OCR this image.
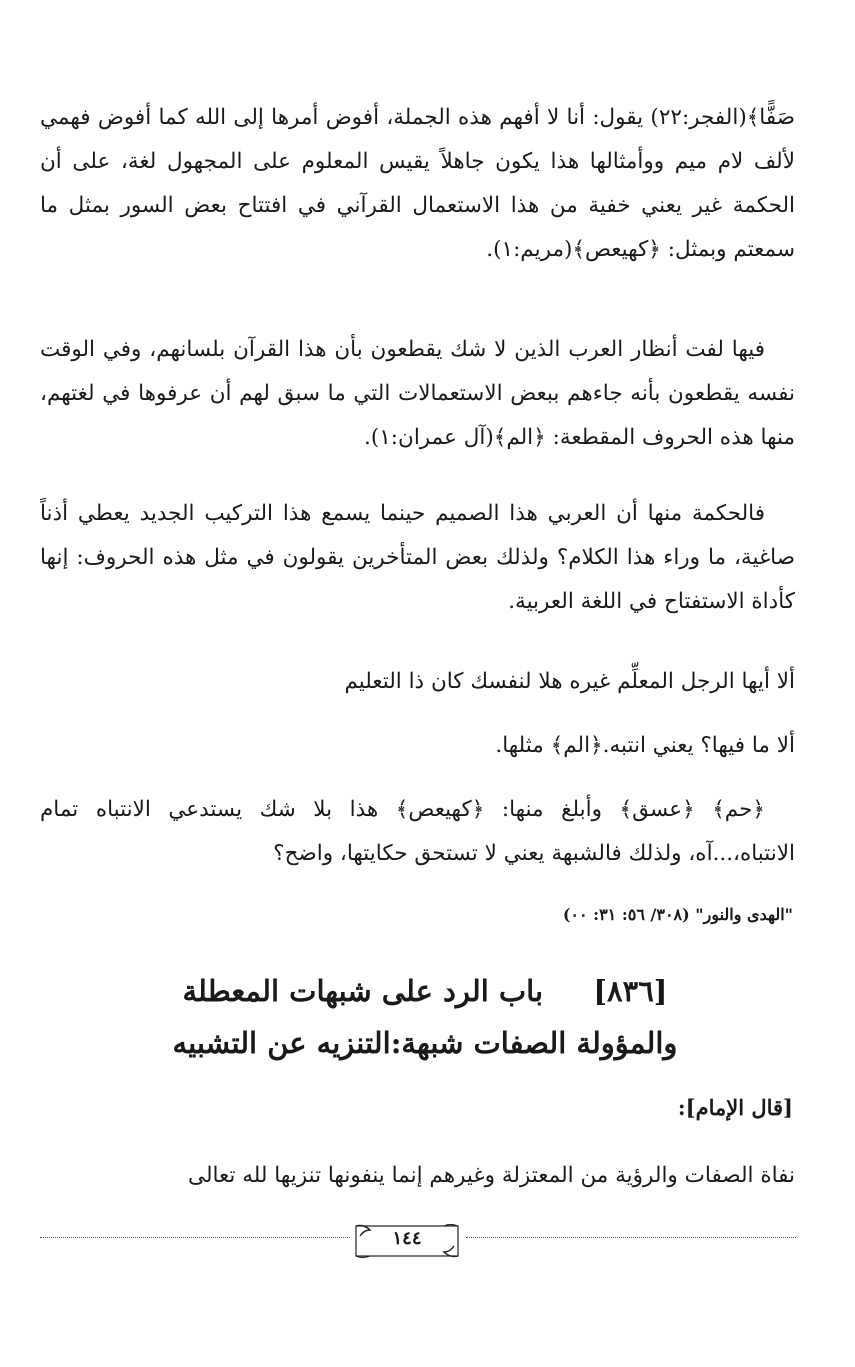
صَفًّا﴾(الفجر:٢٢) يقول: أنا لا أفهم هذه الجملة، أفوض أمرها إلى الله كما أفوض فهمي لألف لام ميم ووأمثالها هذا يكون جاهلاً يقيس المعلوم على المجهول لغة، على أن الحكمة غير يعني خفية من هذا الاستعمال القرآني في افتتاح بعض السور بمثل ما سمعتم وبمثل: ﴿كهيعص﴾(مريم:١).
فيها لفت أنظار العرب الذين لا شك يقطعون بأن هذا القرآن بلسانهم، وفي الوقت نفسه يقطعون بأنه جاءهم ببعض الاستعمالات التي ما سبق لهم أن عرفوها في لغتهم، منها هذه الحروف المقطعة: ﴿الم﴾(آل عمران:١).
فالحكمة منها أن العربي هذا الصميم حينما يسمع هذا التركيب الجديد يعطي أذناً صاغية، ما وراء هذا الكلام؟ ولذلك بعض المتأخرين يقولون في مثل هذه الحروف: إنها كأداة الاستفتاح في اللغة العربية.
ألا أيها الرجل المعلِّم غيره هلا لنفسك كان ذا التعليم
ألا ما فيها؟ يعني انتبه.﴿الم﴾ مثلها.
﴿حم﴾ ﴿عسق﴾ وأبلغ منها: ﴿كهيعص﴾ هذا بلا شك يستدعي الانتباه تمام الانتباه،...آه، ولذلك فالشبهة يعني لا تستحق حكايتها، واضح؟
"الهدى والنور" (٣٠٨/ ٥٦: ٣١: ٠٠)
[٨٣٦]  باب الرد على شبهات المعطلة
والمؤولة الصفات شبهة:التنزيه عن التشبيه
[قال الإمام]:
نفاة الصفات والرؤية من المعتزلة وغيرهم إنما ينفونها تنزيها لله تعالى
١٤٤
